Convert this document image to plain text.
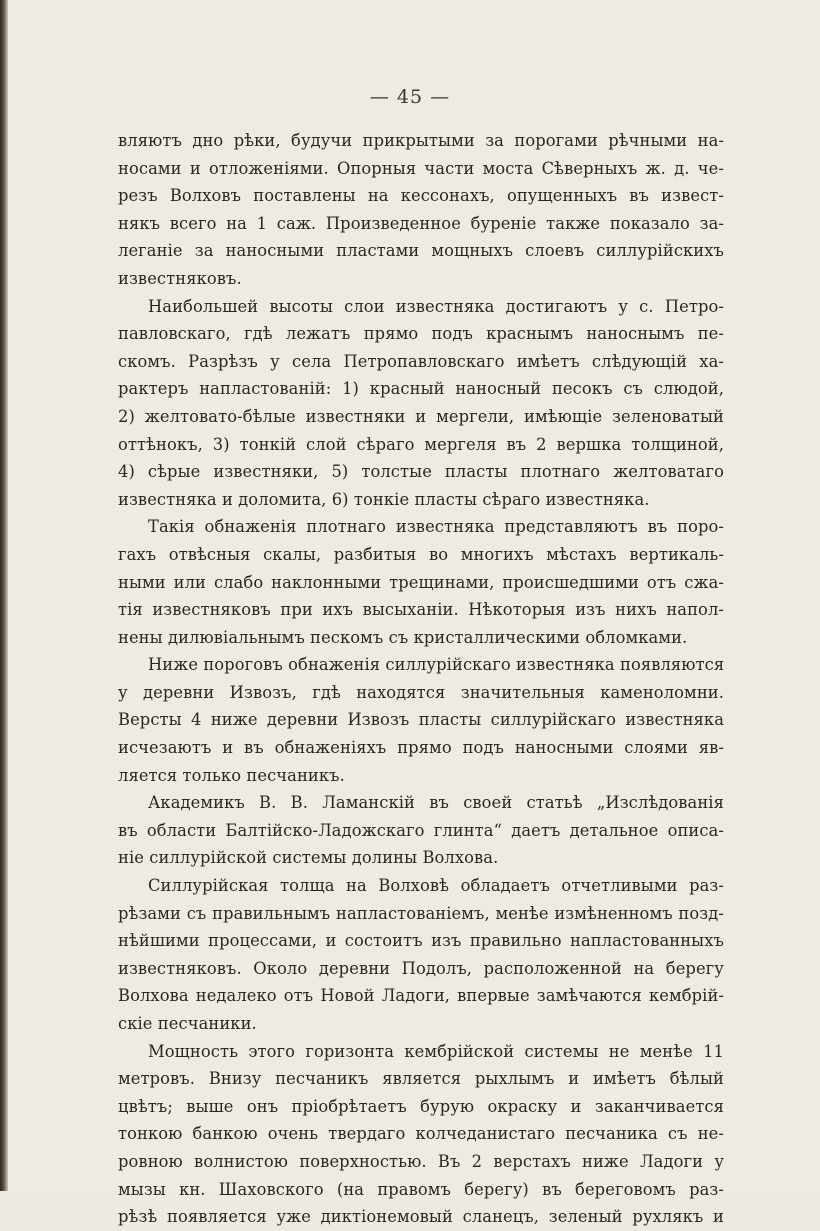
— 45 —
вляютъ дно рѣки, будучи прикрытыми за порогами рѣчными на-
носами и отложеніями. Опорныя части моста Сѣверныхъ ж. д. че-
резъ Волховъ поставлены на кессонахъ, опущенныхъ въ извест-
някъ всего на 1 саж. Произведенное буреніе также показало за-
леганіе за наносными пластами мощныхъ слоевъ силлурійскихъ
известняковъ.
Наибольшей высоты слои известняка достигаютъ у с. Петро-
павловскаго, гдѣ лежатъ прямо подъ краснымъ наноснымъ пе-
скомъ. Разрѣзъ у села Петропавловскаго имѣетъ слѣдующій ха-
рактеръ напластованій: 1) красный наносный песокъ съ слюдой,
2) желтовато-бѣлые известняки и мергели, имѣющіе зеленоватый
оттѣнокъ, 3) тонкій слой сѣраго мергеля въ 2 вершка толщиной,
4) сѣрые известняки, 5) толстые пласты плотнаго желтоватаго
известняка и доломита, 6) тонкіе пласты сѣраго известняка.
Такія обнаженія плотнаго известняка представляютъ въ поро-
гахъ отвѣсныя скалы, разбитыя во многихъ мѣстахъ вертикаль-
ными или слабо наклонными трещинами, происшедшими отъ сжа-
тія известняковъ при ихъ высыханіи. Нѣкоторыя изъ нихъ напол-
нены дилювіальнымъ пескомъ съ кристаллическими обломками.
Ниже пороговъ обнаженія силлурійскаго известняка появляются
у деревни Извозъ, гдѣ находятся значительныя каменоломни.
Версты 4 ниже деревни Извозъ пласты силлурійскаго известняка
исчезаютъ и въ обнаженіяхъ прямо подъ наносными слоями яв-
ляется только песчаникъ.
Академикъ В. В. Ламанскій въ своей статьѣ „Изслѣдованія
въ области Балтійско-Ладожскаго глинта“ даетъ детальное описа-
ніе силлурійской системы долины Волхова.
Силлурійская толща на Волховѣ обладаетъ отчетливыми раз-
рѣзами съ правильнымъ напластованіемъ, менѣе измѣненномъ позд-
нѣйшими процессами, и состоитъ изъ правильно напластованныхъ
известняковъ. Около деревни Подолъ, расположенной на берегу
Волхова недалеко отъ Новой Ладоги, впервые замѣчаются кембрій-
скіе песчаники.
Мощность этого горизонта кембрійской системы не менѣе 11
метровъ. Внизу песчаникъ является рыхлымъ и имѣетъ бѣлый
цвѣтъ; выше онъ пріобрѣтаетъ бурую окраску и заканчивается
тонкою банкою очень твердаго колчеданистаго песчаника съ не-
ровною волнистою поверхностью. Въ 2 верстахъ ниже Ладоги у
мызы кн. Шаховского (на правомъ берегу) въ береговомъ раз-
рѣзѣ появляется уже диктіонемовый сланецъ, зеленый рухлякъ и
